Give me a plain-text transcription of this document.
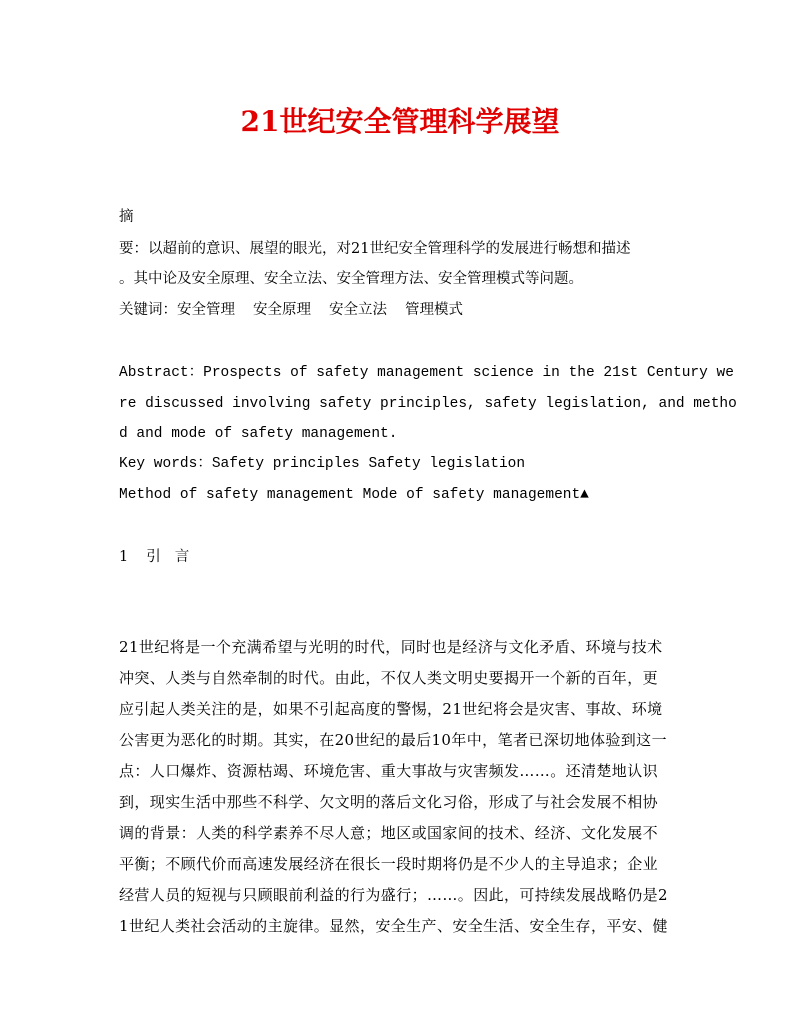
21世纪安全管理科学展望
摘
要：以超前的意识、展望的眼光，对21世纪安全管理科学的发展进行畅想和描述
。其中论及安全原理、安全立法、安全管理方法、安全管理模式等问题。
关键词：安全管理 安全原理 安全立法 管理模式
Abstract：Prospects of safety management science in the 21st Century we
re discussed involving safety principles, safety legislation, and metho
d and mode of safety management.
Key words：Safety principles Safety legislation
Method of safety management Mode of safety management▲
1 引言
21世纪将是一个充满希望与光明的时代，同时也是经济与文化矛盾、环境与技术
冲突、人类与自然牵制的时代。由此，不仅人类文明史要揭开一个新的百年，更
应引起人类关注的是，如果不引起高度的警惕，21世纪将会是灾害、事故、环境
公害更为恶化的时期。其实，在20世纪的最后10年中，笔者已深切地体验到这一
点：人口爆炸、资源枯竭、环境危害、重大事故与灾害频发……。还清楚地认识
到，现实生活中那些不科学、欠文明的落后文化习俗，形成了与社会发展不相协
调的背景：人类的科学素养不尽人意；地区或国家间的技术、经济、文化发展不
平衡；不顾代价而高速发展经济在很长一段时期将仍是不少人的主导追求；企业
经营人员的短视与只顾眼前利益的行为盛行；……。因此，可持续发展战略仍是2
1世纪人类社会活动的主旋律。显然，安全生产、安全生活、安全生存，平安、健
